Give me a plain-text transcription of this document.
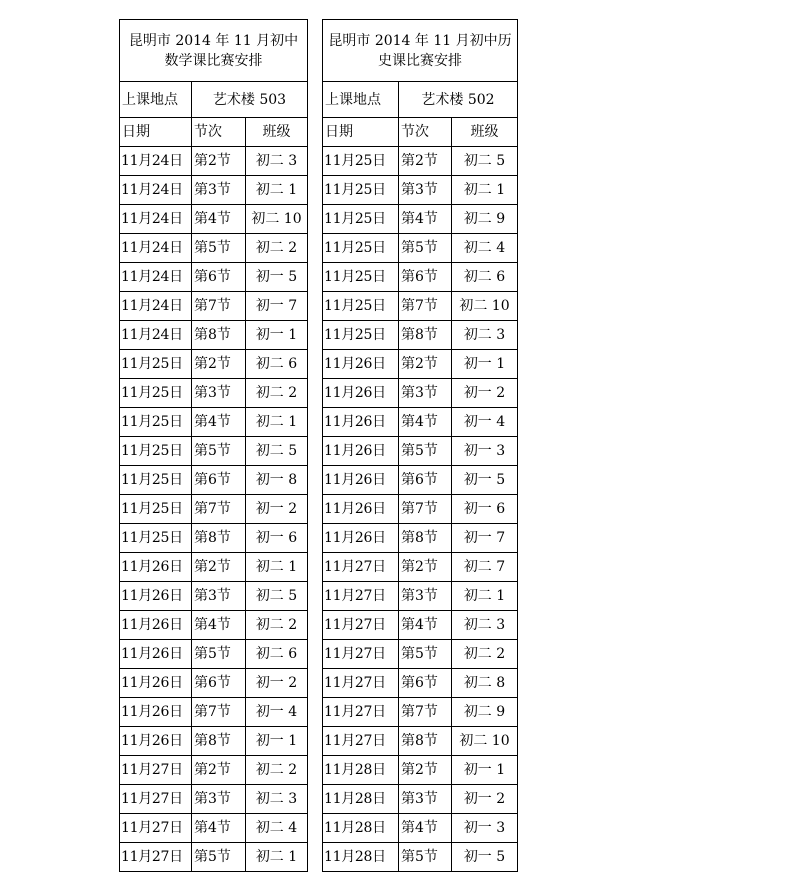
昆明市 2014 年 11 月初中数学课比赛安排		
上课地点	艺术楼 503	
日期	节次	班级
11月24日	第2节	初二 3
11月24日	第3节	初二 1
11月24日	第4节	初二 10
11月24日	第5节	初二 2
11月24日	第6节	初一 5
11月24日	第7节	初一 7
11月24日	第8节	初一 1
11月25日	第2节	初二 6
11月25日	第3节	初二 2
11月25日	第4节	初二 1
11月25日	第5节	初二 5
11月25日	第6节	初一 8
11月25日	第7节	初一 2
11月25日	第8节	初一 6
11月26日	第2节	初二 1
11月26日	第3节	初二 5
11月26日	第4节	初二 2
11月26日	第5节	初二 6
11月26日	第6节	初一 2
11月26日	第7节	初一 4
11月26日	第8节	初一 1
11月27日	第2节	初二 2
11月27日	第3节	初二 3
11月27日	第4节	初二 4
11月27日	第5节	初二 1
昆明市 2014 年 11 月初中历史课比赛安排		
上课地点	艺术楼 502	
日期	节次	班级
11月25日	第2节	初二 5
11月25日	第3节	初二 1
11月25日	第4节	初二 9
11月25日	第5节	初二 4
11月25日	第6节	初二 6
11月25日	第7节	初二 10
11月25日	第8节	初二 3
11月26日	第2节	初一 1
11月26日	第3节	初一 2
11月26日	第4节	初一 4
11月26日	第5节	初一 3
11月26日	第6节	初一 5
11月26日	第7节	初一 6
11月26日	第8节	初一 7
11月27日	第2节	初二 7
11月27日	第3节	初二 1
11月27日	第4节	初二 3
11月27日	第5节	初二 2
11月27日	第6节	初二 8
11月27日	第7节	初二 9
11月27日	第8节	初二 10
11月28日	第2节	初一 1
11月28日	第3节	初一 2
11月28日	第4节	初一 3
11月28日	第5节	初一 5
